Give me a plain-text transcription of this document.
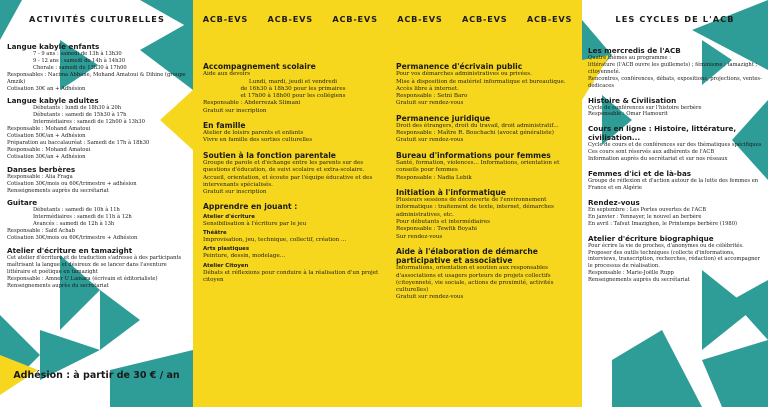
ACTIVITÉS CULTURELLES
Langue kabyle enfants
7 - 9 ans : samedi de 13h à 13h30
9 - 12 ans : samedi de 14h à 14h30
Chorale : samedi de 13h30 à 17h00
Responsables : Nacima Abbane, Mohand Amatoui & Dihine (groupe Amzik)
Cotisation 30€ an + Adhésion
Langue kabyle adultes
Débutants : lundi de 18h30 à 20h
Débutants : samedi de 15h30 à 17h
Intermédiaires : samedi de 12h00 à 13h30
Responsable : Mohand Amatoui
Cotisation 50€/an + Adhésion
Préparation au baccalauréat : Samedi de 17h à 18h30
Responsable : Mohand Amatoui
Cotisation 30€/an + Adhésion
Danses berbères
Responsable : Alia Fraga
Cotisation 30€/mois ou 60€/trimestre + adhésion
Renseignements auprès du secrétariat
Guitare
Débutants : samedi de 10h à 11h
Intermédiaires : samedi de 11h à 12h
Avancés : samedi de 12h à 13h
Responsable : Saïd Achab
Cotisation 30€/mois ou 60€/trimestre + Adhésion
Atelier d'écriture en tamazight
Cet atelier d'écriture et de traduction s'adresse à des participants maîtrisant la langue et désireux de se lancer dans l'aventure littéraire et poétique en tamazight
Responsable : Amner U Lamara (écrivain et éditorialiste)
Renseignements auprès du secrétariat
Adhésion : à partir de 30 € / an
ACB-EVS ACB-EVS ACB-EVS ACB-EVS ACB-EVS ACB-EVS
Accompagnement scolaire
Aide aux devoirs
Lundi, mardi, jeudi et vendredi
de 16h30 à 18h30 pour les primaires
et 17h00 à 18h00 pour les collégiens
Responsable : Abderrezak Slimani
Gratuit sur inscription
En famille
Atelier de loisirs parents et enfants
Vivre en famille des sorties culturelles
Soutien à la fonction parentale
Groupe de parole et d'échange entre les parents sur des questions d'éducation, de suivi scolaire et extra-scolaire. Accueil, orientation, et écoute par l'équipe éducative et des intervenants spécialisés.
Gratuit sur inscription
Apprendre en jouant :
Atelier d'écriture
Sensibilisation à l'écriture par le jeu
Théâtre
Improvisation, jeu, technique, collectif, création ...
Arts plastiques
Peinture, dessin, modelage...
Atelier Citoyen
Débats et réflexions pour conduire à la réalisation d'un projet citoyen
Permanence d'écrivain public
Pour vos démarches administratives ou privées.
Mise à disposition de matériel informatique et bureautique. Accès libre à internet.
Responsable : Setni Baro
Gratuit sur rendez-vous
Permanence juridique
Droit des étrangers, droit du travail, droit administratif...
Responsable : Maître R. Bouchachi (avocat généraliste)
Gratuit sur rendez-vous
Bureau d'informations pour femmes
Santé, formation, violences... Informations, orientation et conseils pour femmes
Responsable : Nadia Lebik
Initiation à l'informatique
Plusieurs sessions de découverte de l'environnement informatique : traitement de texte, internet, démarches administratives, etc.
Pour débutants et intermédiaires
Responsable : Tewfik Boyahi
Sur rendez-vous
Aide à l'élaboration de démarche participative et associative
Informations, orientation et soutien aux responsables d'associations et usagers porteurs de projets collectifs (citoyenneté, vie sociale, actions de proximité, activités culturelles)
Gratuit sur rendez-vous
LES CYCLES DE L'ACB
Les mercredis de l'ACB
Quatre thèmes au programme :
littérature (l'ACB ouvre les guillemets) ; féminisme ; tamazight ; citoyenneté.
Rencontres, conférences, débats, expositions, projections, ventes-dédicaces
Histoire & Civilisation
Cycle de conférences sur l'histoire berbère
Responsable : Omar Hamourit
Cours en ligne : Histoire, littérature, civilisation...
Cycle de cours et de conférences sur des thématiques spécifiques
Ces cours sont réservés aux adhérents de l'ACB
Information auprès du secrétariat et sur nos réseaux
Femmes d'ici et de là-bas
Groupe de réflexion et d'action autour de la lutte des femmes en France et en Algérie
Rendez-vous
En septembre : Les Portes ouvertes de l'ACB
En janvier : Yennayer, le nouvel an berbère
En avril : Tafsut Imazighen, le Printemps berbère (1980)
Atelier d'écriture biographique
Pour écrire la vie de proches, d'anonymes ou de célébrités. Proposer des outils techniques (collecte d'informations, interviews, transcription, recherches, rédaction) et accompagner le processus de réalisation.
Responsable : Marie-Joëlle Rupp
Renseignements auprès du secrétariat
